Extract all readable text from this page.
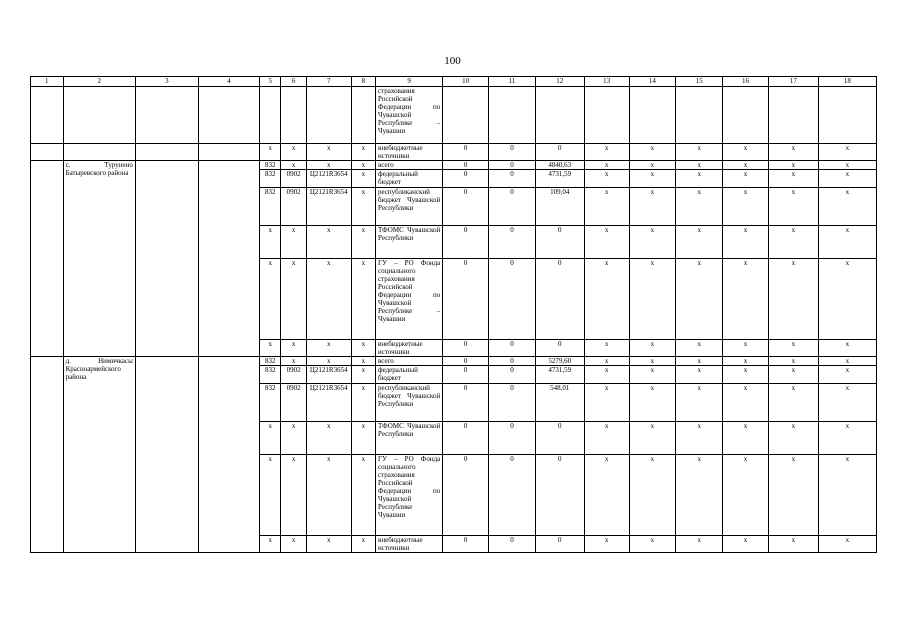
100
1	2	3	4	5	6	7	8	9	10	11	12	13	14	15	16	17	18
								страхования Российской Федерации по Чувашской Республике – Чувашии									
				x	x	x	x	внебюджетные источники	0	0	0	x	x	x	x	x	x
	с. Турунено Батыревского района			832	x	x	x	всего	0	0	4840,63	x	x	x	x	x	x
				832	0902	Ц2121R3654	x	федеральный бюджет	0	0	4731,59	x	x	x	x	x	x
				832	0902	Ц2121R3654	x	республиканский бюджет Чувашской Республики	0	0	109,04	x	x	x	x	x	x
				x	x	x	x	ТФОМС Чувашской Республики	0	0	0	x	x	x	x	x	x
				x	x	x	x	ГУ – РО Фонда социального страхования Российской Федерации по Чувашской Республике – Чувашии	0	0	0	x	x	x	x	x	x
				x	x	x	x	внебюджетные источники	0	0	0	x	x	x	x	x	x
	д. Нимичкасы Красноармейского района			832	x	x	x	всего	0	0	5279,60	x	x	x	x	x	x
				832	0902	Ц2121R3654	x	федеральный бюджет	0	0	4731,59	x	x	x	x	x	x
				832	0902	Ц2121R3654	x	республиканский бюджет Чувашской Республики	0	0	548,01	x	x	x	x	x	x
				x	x	x	x	ТФОМС Чувашской Республики	0	0	0	x	x	x	x	x	x
				x	x	x	x	ГУ – РО Фонда социального страхования Российской Федерации по Чувашской Республике Чувашии	0	0	0	x	x	x	x	x	x
				x	x	x	x	внебюджетные источники	0	0	0	x	x	x	x	x	x
